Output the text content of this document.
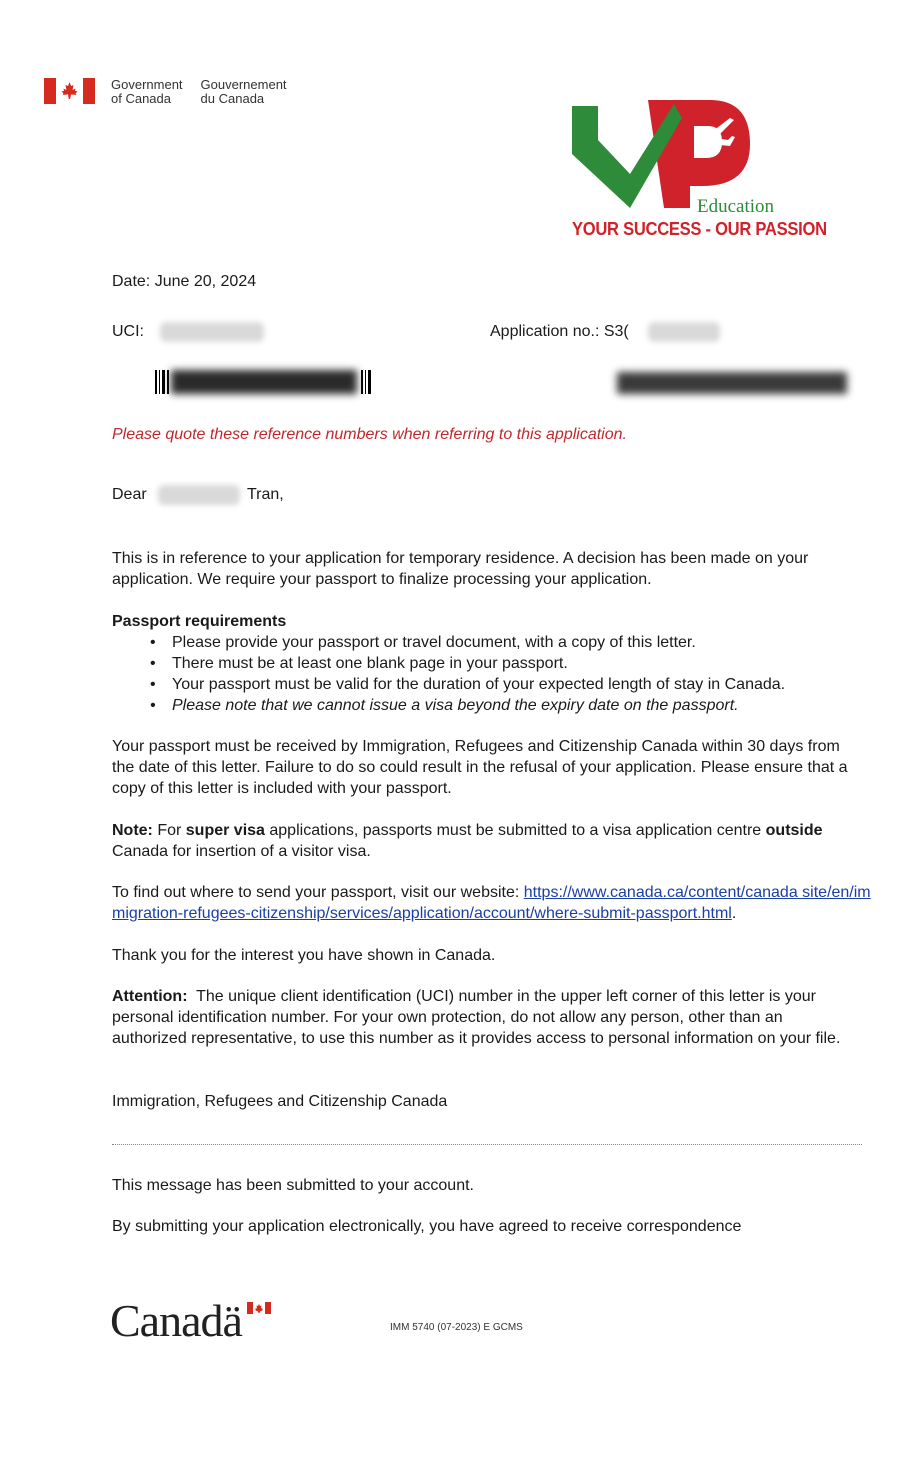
Government
of Canada
Gouvernement
du Canada
Education
YOUR SUCCESS - OUR PASSION
Date: June 20, 2024
UCI:	Application no.: S3(
Please quote these reference numbers when referring to this application.
Dear	Tran,
This is in reference to your application for temporary residence. A decision has been made on your application. We require your passport to finalize processing your application.
Passport requirements
• Please provide your passport or travel document, with a copy of this letter.
• There must be at least one blank page in your passport.
• Your passport must be valid for the duration of your expected length of stay in Canada.
• Please note that we cannot issue a visa beyond the expiry date on the passport.
Your passport must be received by Immigration, Refugees and Citizenship Canada within 30 days from the date of this letter. Failure to do so could result in the refusal of your application. Please ensure that a copy of this letter is included with your passport.
Note: For super visa applications, passports must be submitted to a visa application centre outside Canada for insertion of a visitor visa.
To find out where to send your passport, visit our website: https://www.canada.ca/content/canada site/en/immigration-refugees-citizenship/services/application/account/where-submit-passport.html.
Thank you for the interest you have shown in Canada.
Attention:  The unique client identification (UCI) number in the upper left corner of this letter is your personal identification number. For your own protection, do not allow any person, other than an authorized representative, to use this number as it provides access to personal information on your file.
Immigration, Refugees and Citizenship Canada
This message has been submitted to your account.
By submitting your application electronically, you have agreed to receive correspondence
Canadä	IMM 5740 (07-2023) E GCMS
